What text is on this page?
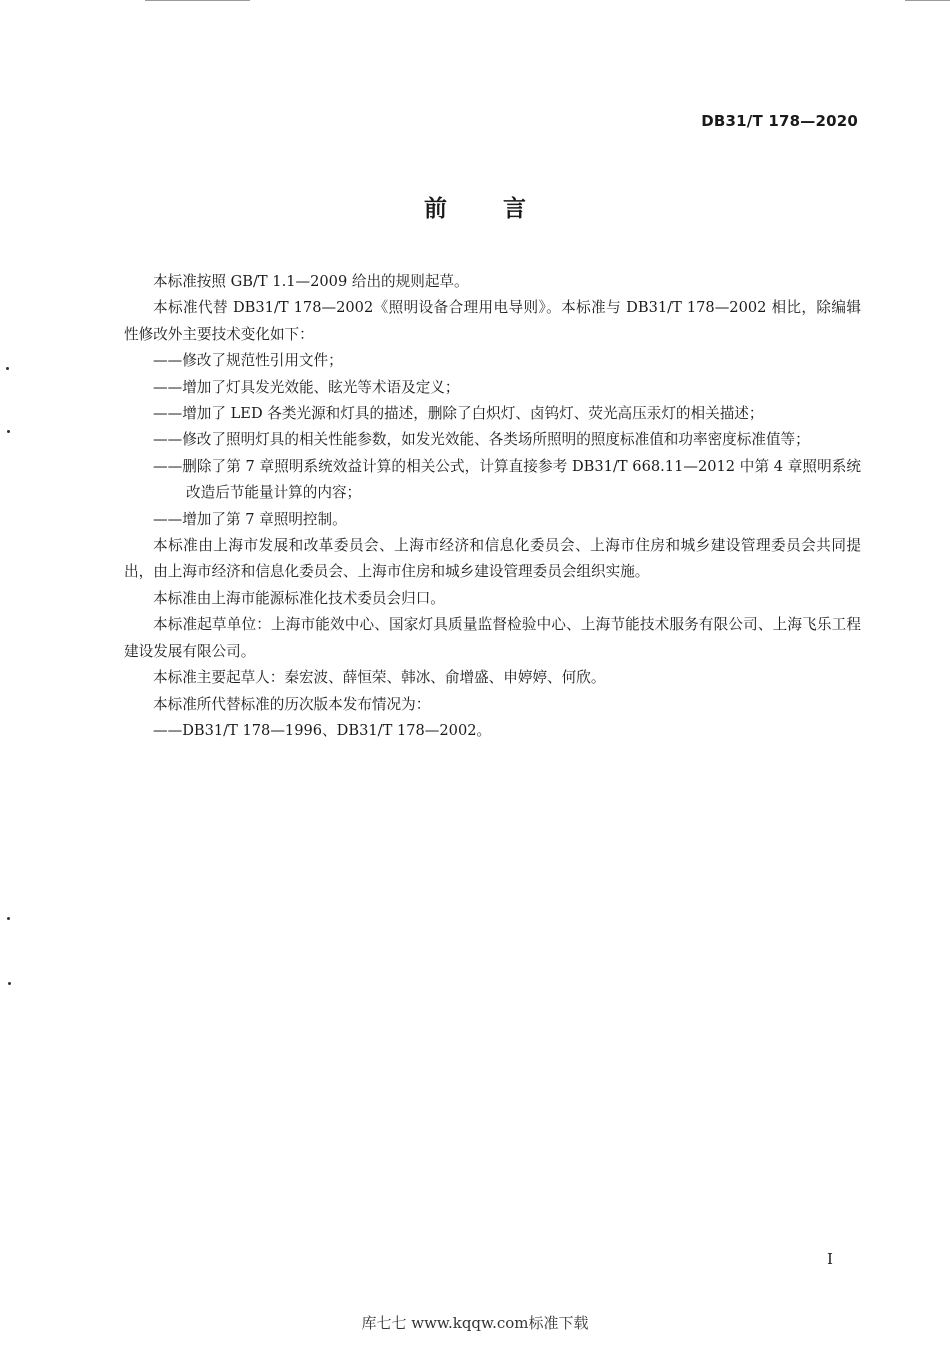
DB31/T 178—2020
前言

本标准按照 GB/T 1.1—2009 给出的规则起草。

本标准代替 DB31/T 178—2002《照明设备合理用电导则》。本标准与 DB31/T 178—2002 相比，除编辑性修改外主要技术变化如下：

——修改了规范性引用文件；

——增加了灯具发光效能、眩光等术语及定义；

——增加了 LED 各类光源和灯具的描述，删除了白炽灯、卤钨灯、荧光高压汞灯的相关描述；

——修改了照明灯具的相关性能参数，如发光效能、各类场所照明的照度标准值和功率密度标准值等；

——删除了第 7 章照明系统效益计算的相关公式，计算直接参考 DB31/T 668.11—2012 中第 4 章照明系统改造后节能量计算的内容；

——增加了第 7 章照明控制。

本标准由上海市发展和改革委员会、上海市经济和信息化委员会、上海市住房和城乡建设管理委员会共同提出，由上海市经济和信息化委员会、上海市住房和城乡建设管理委员会组织实施。

本标准由上海市能源标准化技术委员会归口。

本标准起草单位：上海市能效中心、国家灯具质量监督检验中心、上海节能技术服务有限公司、上海飞乐工程建设发展有限公司。

本标准主要起草人：秦宏波、薛恒荣、韩冰、俞增盛、申婷婷、何欣。

本标准所代替标准的历次版本发布情况为：

——DB31/T 178—1996、DB31/T 178—2002。

I
库七七 www.kqqw.com标准下载
